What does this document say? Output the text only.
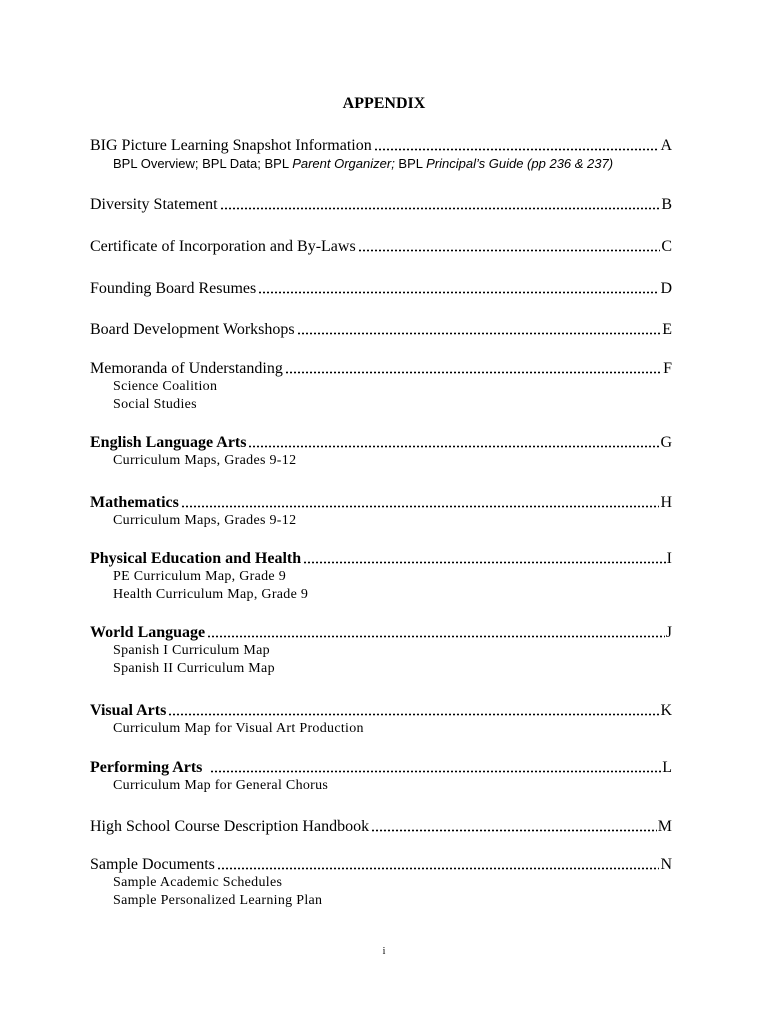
APPENDIX
BIG Picture Learning Snapshot Information	A
BPL Overview; BPL Data; BPL Parent Organizer; BPL Principal’s Guide (pp 236 & 237)
Diversity Statement	B
Certificate of Incorporation and By-Laws	C
Founding Board Resumes	D
Board Development Workshops	E
Memoranda of Understanding	F
Science Coalition
Social Studies
English Language Arts	G
Curriculum Maps, Grades 9-12
Mathematics	H
Curriculum Maps, Grades 9-12
Physical Education and Health	I
PE Curriculum Map, Grade 9
Health Curriculum Map, Grade 9
World Language	J
Spanish I Curriculum Map
Spanish II Curriculum Map
Visual Arts	K
Curriculum Map for Visual Art Production
Performing Arts	L
Curriculum Map for General Chorus
High School Course Description Handbook	M
Sample Documents	N
Sample Academic Schedules
Sample Personalized Learning Plan
i
